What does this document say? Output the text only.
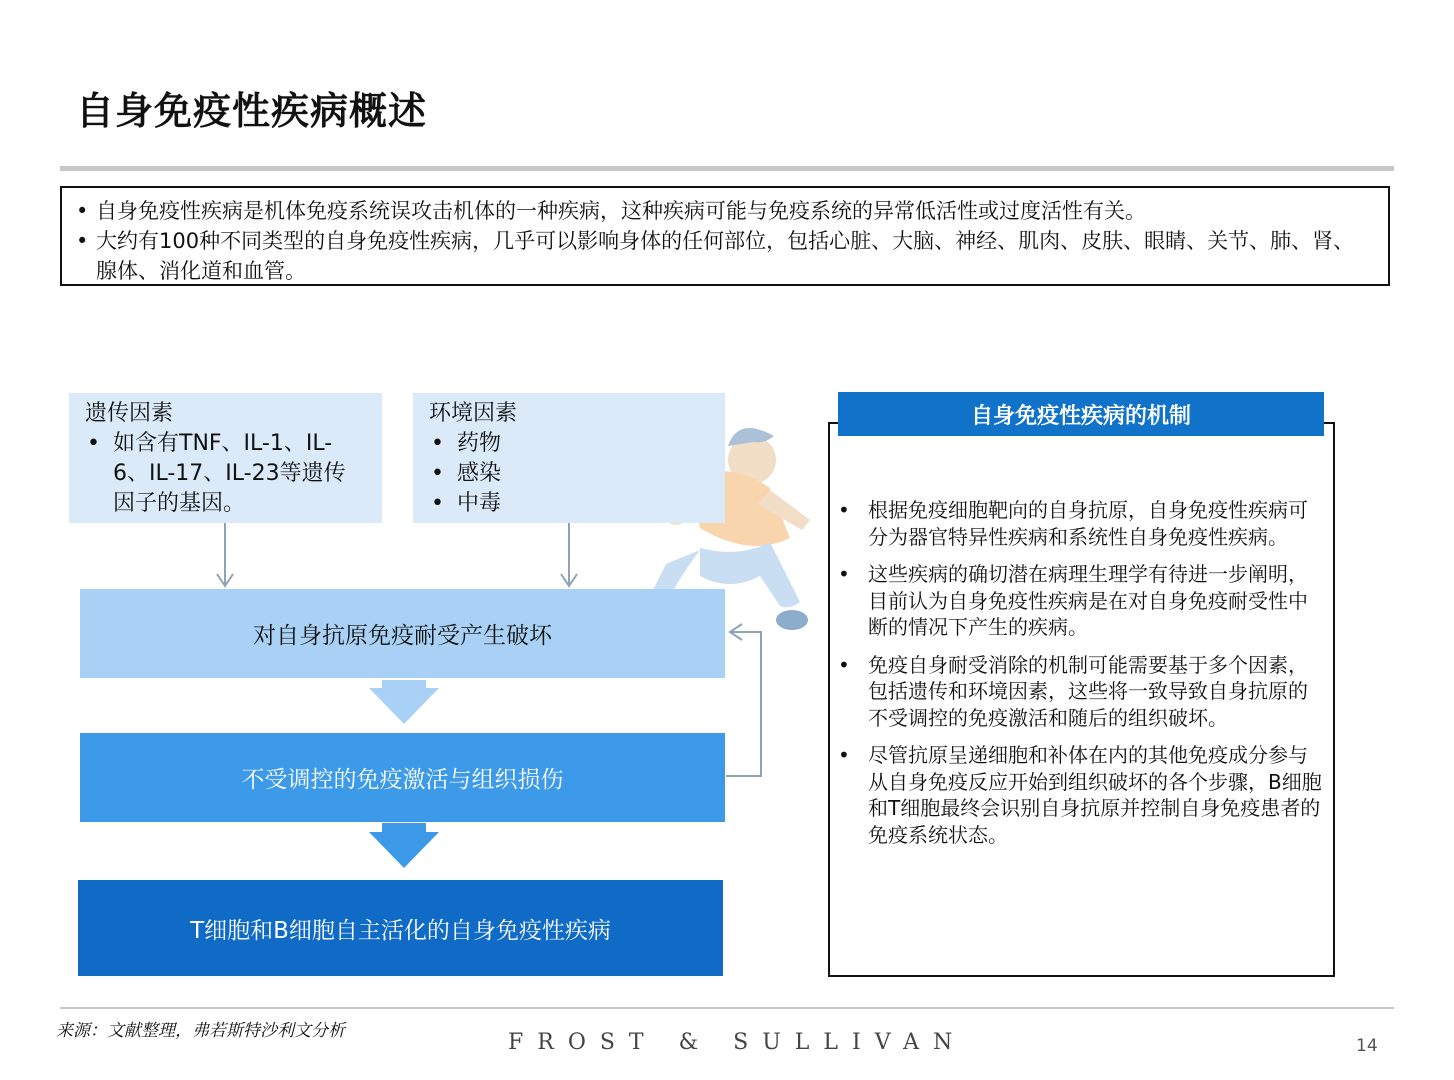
自身免疫性疾病概述
• 自身免疫性疾病是机体免疫系统误攻击机体的一种疾病，这种疾病可能与免疫系统的异常低活性或过度活性有关。
• 大约有100种不同类型的自身免疫性疾病，几乎可以影响身体的任何部位，包括心脏、大脑、神经、肌肉、皮肤、眼睛、关节、肺、肾、腺体、消化道和血管。
遗传因素
• 如含有TNF、IL-1、IL-6、IL-17、IL-23等遗传因子的基因。
环境因素
• 药物
• 感染
• 中毒
对自身抗原免疫耐受产生破坏
不受调控的免疫激活与组织损伤
T细胞和B细胞自主活化的自身免疫性疾病
自身免疫性疾病的机制
• 根据免疫细胞靶向的自身抗原，自身免疫性疾病可分为器官特异性疾病和系统性自身免疫性疾病。
• 这些疾病的确切潜在病理生理学有待进一步阐明，目前认为自身免疫性疾病是在对自身免疫耐受性中断的情况下产生的疾病。
• 免疫自身耐受消除的机制可能需要基于多个因素，包括遗传和环境因素，这些将一致导致自身抗原的不受调控的免疫激活和随后的组织破坏。
• 尽管抗原呈递细胞和补体在内的其他免疫成分参与从自身免疫反应开始到组织破坏的各个步骤，B细胞和T细胞最终会识别自身抗原并控制自身免疫患者的免疫系统状态。
来源：文献整理，弗若斯特沙利文分析	FROST & SULLIVAN	14
